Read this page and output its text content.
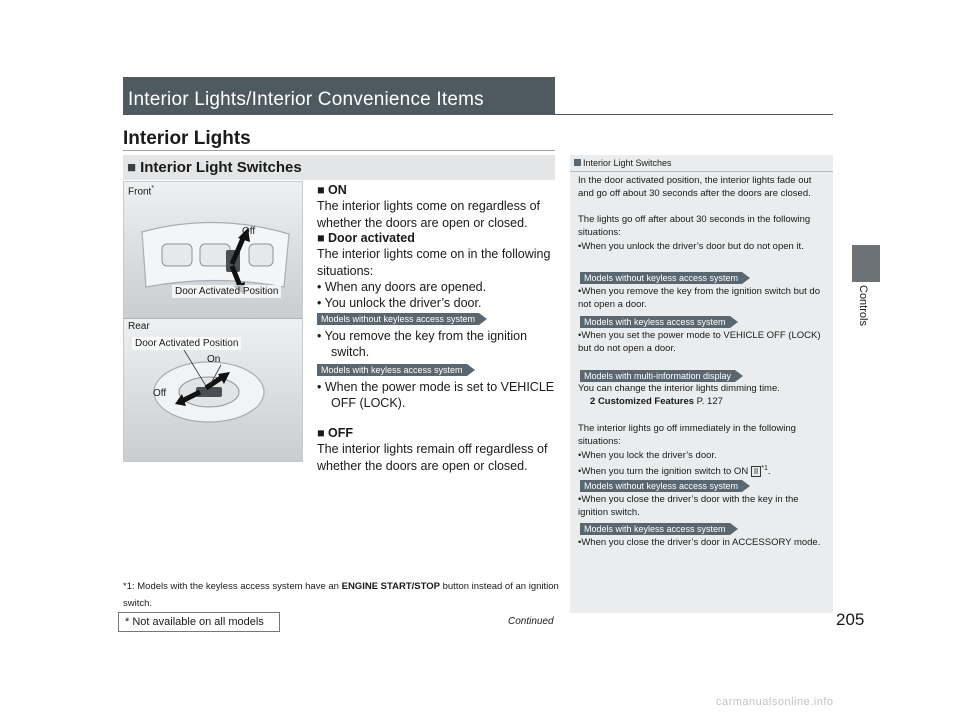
Interior Lights/Interior Convenience Items
Interior Lights
■ Interior Light Switches
Front*
Off
Door Activated Position
Rear
Door Activated Position
On
Off
■ ON
The interior lights come on regardless of whether the doors are open or closed.
■ Door activated
The interior lights come on in the following situations:
• When any doors are opened.
• You unlock the driver’s door.
Models without keyless access system
• You remove the key from the ignition
switch.
Models with keyless access system
• When the power mode is set to VEHICLE
OFF (LOCK).
■ OFF
The interior lights remain off regardless of whether the doors are open or closed.
*1: Models with the keyless access system have an ENGINE START/STOP button instead of an ignition switch.
Interior Light Switches
In the door activated position, the interior lights fade out and go off about 30 seconds after the doors are closed.
The lights go off after about 30 seconds in the following situations:
•When you unlock the driver’s door but do not open it.
Models without keyless access system
•When you remove the key from the ignition switch but do not open a door.
Models with keyless access system
•When you set the power mode to VEHICLE OFF (LOCK) but do not open a door.
Models with multi-information display
You can change the interior lights dimming time.
2 Customized Features P. 127
The interior lights go off immediately in the following situations:
•When you lock the driver’s door.
•When you turn the ignition switch to ON II $^{*1}$.
Models without keyless access system
•When you close the driver’s door with the key in the ignition switch.
Models with keyless access system
•When you close the driver’s door in ACCESSORY mode.
Continued	205
Controls
* Not available on all models
carmanualsonline.info
